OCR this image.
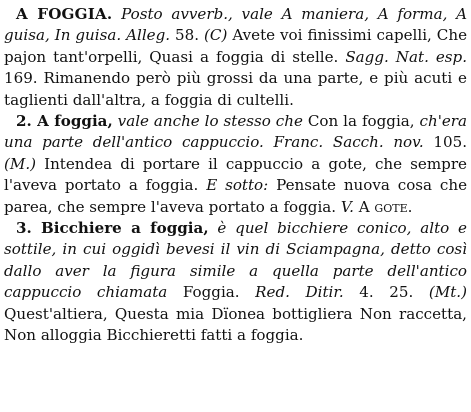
A FOGGIA. Posto avverb., vale A maniera, A forma, A guisa, In guisa. Alleg. 58. (C) Avete voi finissimi capelli, Che pajon tant'orpelli, Quasi a foggia di stelle. Sagg. Nat. esp. 169. Rimanendo però più grossi da una parte, e più acuti e taglienti dall'altra, a foggia di cultelli.

2. A foggia, vale anche lo stesso che Con la foggia, ch'era una parte dell'antico cappuccio. Franc. Sacch. nov. 105. (M.) Intendea di portare il cappuccio a gote, che sempre l'aveva portato a foggia. E sotto: Pensate nuova cosa che parea, che sempre l'aveva portato a foggia. V. A gote.

3. Bicchiere a foggia, è quel bicchiere conico, alto e sottile, in cui oggidì bevesi il vin di Sciampagna, detto così dallo aver la figura simile a quella parte dell'antico cappuccio chiamata Foggia. Red. Ditir. 4. 25. (Mt.) Quest'altiera, Questa mia Dïonea bottigliera Non raccetta, Non alloggia Bicchieretti fatti a foggia.
